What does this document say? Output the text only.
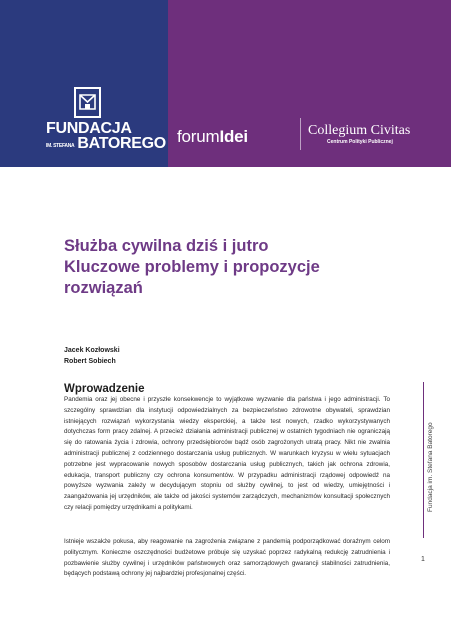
FUNDACJA
IM. STEFANA BATOREGO forumIdei	Collegium Civitas
Centrum Polityki Publicznej
Służba cywilna dziś i jutro
Kluczowe problemy i propozycje
rozwiązań
Jacek Kozłowski
Robert Sobiech
Wprowadzenie

Pandemia oraz jej obecne i przyszłe konsekwencje to wyjątkowe wyzwanie dla państwa i jego administracji. To szczególny sprawdzian dla instytucji odpowiedzialnych za bezpieczeństwo zdrowotne obywateli, sprawdzian istniejących rozwiązań wykorzystania wiedzy eksperckiej, a także test nowych, rzadko wykorzystywanych dotychczas form pracy zdalnej. A przecież działania administracji publicznej w ostatnich tygodniach nie ograniczają się do ratowania życia i zdrowia, ochrony przedsiębiorców bądź osób zagrożonych utratą pracy. Nikt nie zwalnia administracji publicznej z codziennego dostarczania usług publicznych. W warunkach kryzysu w wielu sytuacjach potrzebne jest wypracowanie nowych sposobów dostarczania usług publicznych, takich jak ochrona zdrowia, edukacja, transport publiczny czy ochrona konsumentów. W przypadku administracji rządowej odpowiedź na powyższe wyzwania zależy w decydującym stopniu od służby cywilnej, to jest od wiedzy, umiejętności i zaangażowania jej urzędników, ale także od jakości systemów zarządczych, mechanizmów konsultacji społecznych czy relacji pomiędzy urzędnikami a politykami.

Istnieje wszakże pokusa, aby reagowanie na zagrożenia związane z pandemią podporządkować doraźnym celom politycznym. Konieczne oszczędności budżetowe próbuje się uzyskać poprzez radykalną redukcję zatrudnienia i pozbawienie służby cywilnej i urzędników państwowych oraz samorządowych gwarancji stabilności zatrudnienia, będących podstawą ochrony jej najbardziej profesjonalnej części.

Fundacja im. Stefana Batorego
1
